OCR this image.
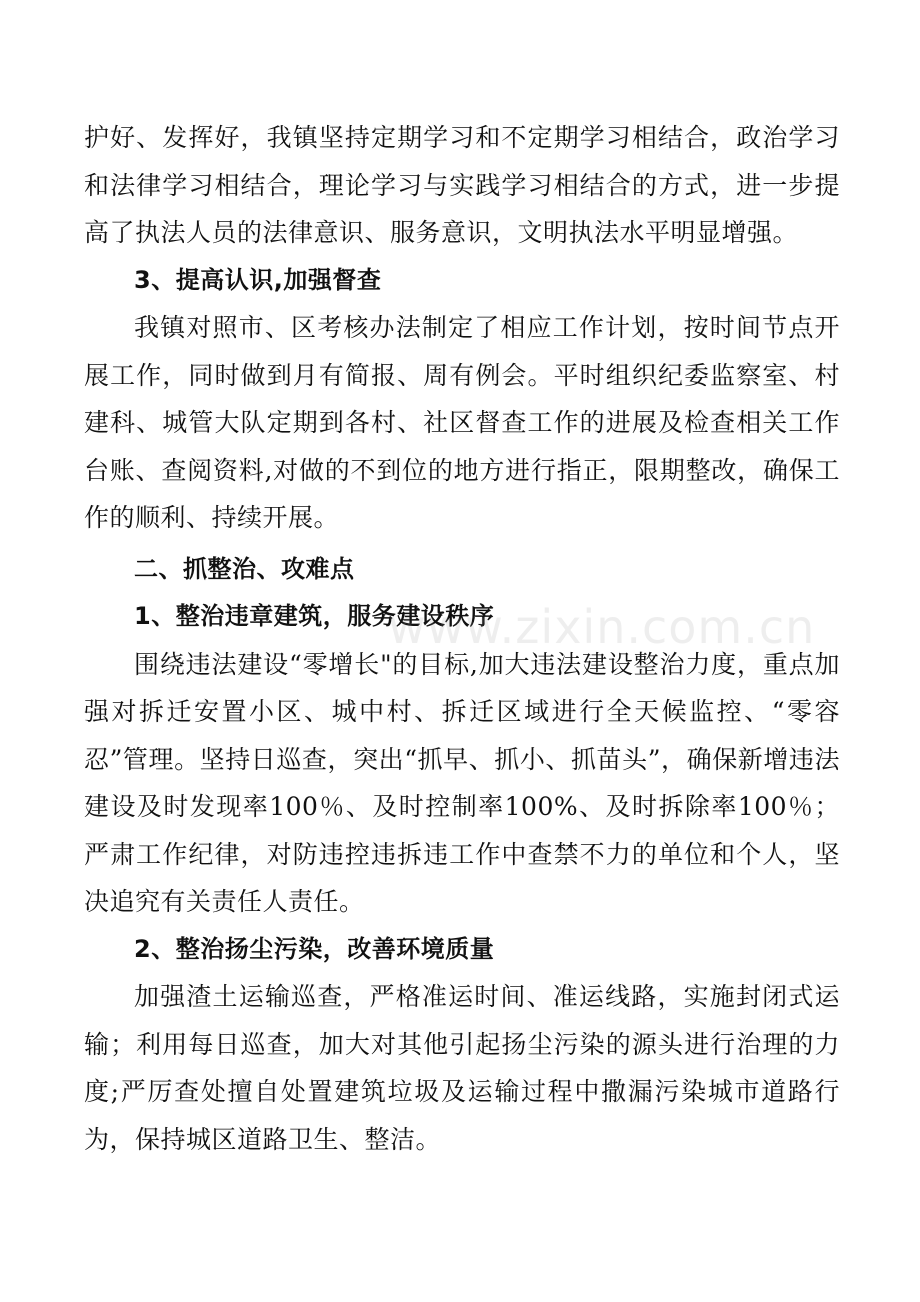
护好、发挥好，我镇坚持定期学习和不定期学习相结合，政治学习和法律学习相结合，理论学习与实践学习相结合的方式，进一步提高了执法人员的法律意识、服务意识，文明执法水平明显增强。

3、提高认识,加强督查

我镇对照市、区考核办法制定了相应工作计划，按时间节点开展工作，同时做到月有简报、周有例会。平时组织纪委监察室、村建科、城管大队定期到各村、社区督查工作的进展及检查相关工作台账、查阅资料,对做的不到位的地方进行指正，限期整改，确保工作的顺利、持续开展。

二、抓整治、攻难点

1、整治违章建筑，服务建设秩序

围绕违法建设“零增长"的目标,加大违法建设整治力度，重点加强对拆迁安置小区、城中村、拆迁区域进行全天候监控、“零容忍”管理。坚持日巡查，突出“抓早、抓小、抓苗头”，确保新增违法建设及时发现率100％、及时控制率100%、及时拆除率100％；严肃工作纪律，对防违控违拆违工作中查禁不力的单位和个人，坚决追究有关责任人责任。

2、整治扬尘污染，改善环境质量

加强渣土运输巡查，严格准运时间、准运线路，实施封闭式运输；利用每日巡查，加大对其他引起扬尘污染的源头进行治理的力度;严厉查处擅自处置建筑垃圾及运输过程中撒漏污染城市道路行为，保持城区道路卫生、整洁。

www.zixin.com.cn
